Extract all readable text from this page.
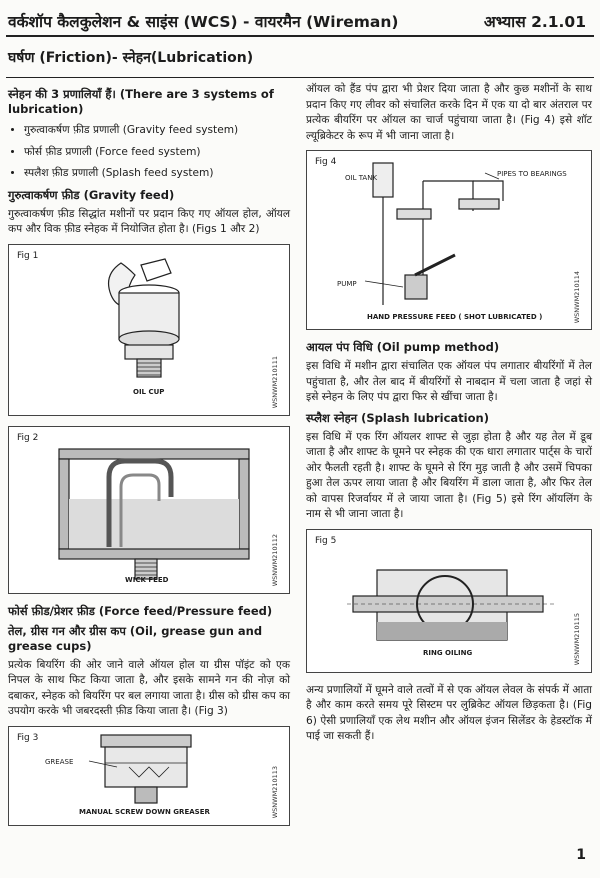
वर्कशॉप कैलकुलेशन & साइंस (WCS) - वायरमैन (Wireman)	अभ्यास 2.1.01
घर्षण (Friction)- स्नेहन(Lubrication)
स्नेहन की 3 प्रणालियाँ हैं। (There are 3 systems of lubrication)
• गुरुत्वाकर्षण फ़ीड प्रणाली (Gravity feed system)
• फोर्स फ़ीड प्रणाली (Force feed system)
• स्पलैश फ़ीड प्रणाली (Splash feed system)
गुरुत्वाकर्षण फ़ीड (Gravity feed)

गुरुत्वाकर्षण फ़ीड सिद्धांत मशीनों पर प्रदान किए गए ऑयल होल, ऑयल कप और विक फ़ीड स्नेहक में नियोजित होता है। (Figs 1 और 2)

Fig 1
OIL CUP	WSNWM210111
Fig 2
WICK FEED	WSNWM210112
फोर्स फ़ीड/प्रेशर फ़ीड (Force feed/Pressure feed)
तेल, ग्रीस गन और ग्रीस कप (Oil, grease gun and grease cups)

प्रत्येक बियरिंग की ओर जाने वाले ऑयल होल या ग्रीस पॉइंट को एक निपल के साथ फिट किया जाता है, और इसके सामने गन की नोज़ को दबाकर, स्नेहक को बियरिंग पर बल लगाया जाता है। ग्रीस को ग्रीस कप का उपयोग करके भी जबरदस्ती फ़ीड किया जाता है। (Fig 3)

Fig 3
GREASE
MANUAL SCREW DOWN GREASER	WSNWM210113

ऑयल को हैंड पंप द्वारा भी प्रेशर दिया जाता है और कुछ मशीनों के साथ प्रदान किए गए लीवर को संचालित करके दिन में एक या दो बार अंतराल पर प्रत्येक बीयरिंग पर ऑयल का चार्ज पहुंचाया जाता है। (Fig 4) इसे शॉट ल्यूब्रिकेटर के रूप में भी जाना जाता है।

Fig 4
OIL TANK	PIPES TO BEARINGS
PUMP
HAND PRESSURE FEED ( SHOT LUBRICATED )	WSNWM210114
आयल पंप विधि (Oil pump method)

इस विधि में मशीन द्वारा संचालित एक ऑयल पंप लगातार बीयरिंगों में तेल पहुंचाता है, और तेल बाद में बीयरिंगों से नाबदान में चला जाता है जहां से इसे स्नेहन के लिए पंप द्वारा फिर से खींचा जाता है।

स्प्लैश स्नेहन (Splash lubrication)

इस विधि में एक रिंग ऑयलर शाफ्ट से जुड़ा होता है और यह तेल में डूब जाता है और शाफ्ट के घूमने पर स्नेहक की एक धारा लगातार पार्ट्स के चारों ओर फैलती रहती है। शाफ्ट के घूमने से रिंग मुड़ जाती है और उसमें चिपका हुआ तेल ऊपर लाया जाता है और बियरिंग में डाला जाता है, और फिर तेल को वापस रिजर्वायर में ले जाया जाता है। (Fig 5) इसे रिंग ऑयलिंग के नाम से भी जाना जाता है।

Fig 5
RING OILING	WSNWM210115

अन्य प्रणालियों में घूमने वाले तत्वों में से एक ऑयल लेवल के संपर्क में आता है और काम करते समय पूरे सिस्टम पर लुब्रिकेट ऑयल छिड़कता है। (Fig 6) ऐसी प्रणालियाँ एक लेथ मशीन और ऑयल इंजन सिलेंडर के हेडस्टॉक में पाई जा सकती हैं।

1
